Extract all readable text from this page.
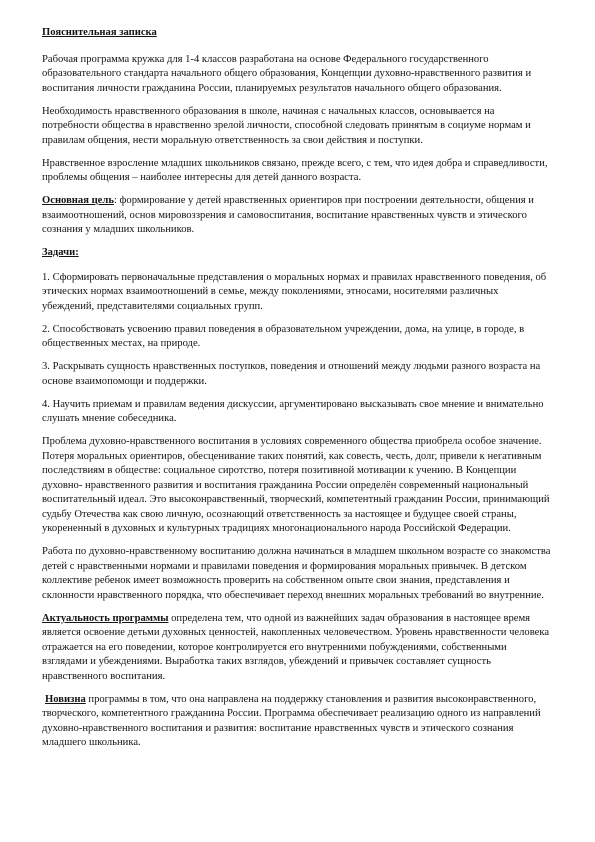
Пояснительная записка
Рабочая программа кружка для 1-4 классов разработана на основе Федерального государственного образовательного стандарта начального общего образования, Концепции духовно-нравственного развития и воспитания личности гражданина России, планируемых результатов начального общего образования.
Необходимость нравственного образования в школе, начиная с начальных классов, основывается на потребности общества в нравственно зрелой личности, способной следовать принятым в социуме нормам и правилам общения, нести моральную ответственность за свои действия и поступки.
Нравственное взросление младших школьников связано, прежде всего, с тем, что идея добра и справедливости, проблемы общения – наиболее интересны для детей данного возраста.
Основная цель: формирование у детей нравственных ориентиров при построении деятельности, общения и взаимоотношений, основ мировоззрения и самовоспитания, воспитание нравственных чувств и этического сознания у младших школьников.
Задачи:
1. Сформировать первоначальные представления о моральных нормах и правилах нравственного поведения, об этических нормах взаимоотношений в семье, между поколениями, этносами, носителями различных убеждений, представителями социальных групп.
2. Способствовать усвоению правил поведения в образовательном учреждении, дома, на улице, в городе, в общественных местах, на природе.
3. Раскрывать сущность нравственных поступков, поведения и отношений между людьми разного возраста на основе взаимопомощи и поддержки.
4. Научить приемам и правилам ведения дискуссии, аргументировано высказывать свое мнение и внимательно слушать мнение собеседника.
Проблема духовно-нравственного воспитания в условиях современного общества приобрела особое значение. Потеря моральных ориентиров, обесценивание таких понятий, как совесть, честь, долг, привели к негативным последствиям в обществе: социальное сиротство, потеря позитивной мотивации к учению. В Концепции духовно- нравственного развития и воспитания гражданина России определён современный национальный воспитательный идеал. Это высоконравственный, творческий, компетентный гражданин России, принимающий судьбу Отечества как свою личную, осознающий ответственность за настоящее и будущее своей страны, укорененный в духовных и культурных традициях многонационального народа Российской Федерации.
Работа по духовно-нравственному воспитанию должна начинаться в младшем школьном возрасте со знакомства детей с нравственными нормами и правилами поведения и формирования моральных привычек. В детском коллективе ребенок имеет возможность проверить на собственном опыте свои знания, представления и склонности нравственного порядка, что обеспечивает переход внешних моральных требований во внутренние.
Актуальность программы определена тем, что одной из важнейших задач образования в настоящее время является освоение детьми духовных ценностей, накопленных человечеством. Уровень нравственности человека отражается на его поведении, которое контролируется его внутренними побуждениями, собственными взглядами и убеждениями. Выработка таких взглядов, убеждений и привычек составляет сущность нравственного воспитания.
Новизна программы в том, что она направлена на поддержку становления и развития высоконравственного, творческого, компетентного гражданина России. Программа обеспечивает реализацию одного из направлений духовно-нравственного воспитания и развития: воспитание нравственных чувств и этического сознания младшего школьника.
